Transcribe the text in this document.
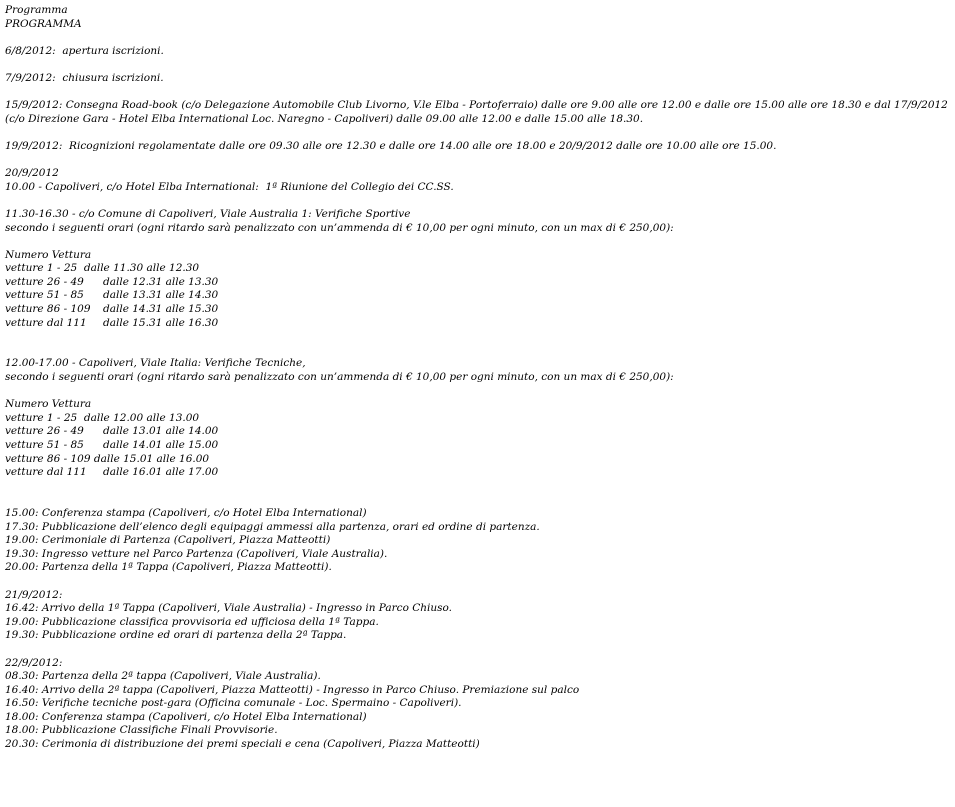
Programma
PROGRAMMA
6/8/2012:  apertura iscrizioni.
7/9/2012:  chiusura iscrizioni.
15/9/2012: Consegna Road-book (c/o Delegazione Automobile Club Livorno, V.le Elba - Portoferraio) dalle ore 9.00 alle ore 12.00 e dalle ore 15.00 alle ore 18.30 e dal 17/9/2012 (c/o Direzione Gara - Hotel Elba International Loc. Naregno - Capoliveri) dalle 09.00 alle 12.00 e dalle 15.00 alle 18.30.
19/9/2012:  Ricognizioni regolamentate dalle ore 09.30 alle ore 12.30 e dalle ore 14.00 alle ore 18.00 e 20/9/2012 dalle ore 10.00 alle ore 15.00.
20/9/2012
10.00 - Capoliveri, c/o Hotel Elba International:  1ª Riunione del Collegio dei CC.SS.
11.30-16.30 - c/o Comune di Capoliveri, Viale Australia 1: Verifiche Sportive
secondo i seguenti orari (ogni ritardo sarà penalizzato con un’ammenda di € 10,00 per ogni minuto, con un max di € 250,00):
Numero Vettura
vetture 1 - 25  dalle 11.30 alle 12.30
vetture 26 - 49	dalle 12.31 alle 13.30
vetture 51 - 85	dalle 13.31 alle 14.30
vetture 86 - 109	dalle 14.31 alle 15.30
vetture dal 111	dalle 15.31 alle 16.30
12.00-17.00 - Capoliveri, Viale Italia: Verifiche Tecniche,
secondo i seguenti orari (ogni ritardo sarà penalizzato con un’ammenda di € 10,00 per ogni minuto, con un max di € 250,00):
Numero Vettura
vetture 1 - 25  dalle 12.00 alle 13.00
vetture 26 - 49	dalle 13.01 alle 14.00
vetture 51 - 85	dalle 14.01 alle 15.00
vetture 86 - 109 dalle 15.01 alle 16.00
vetture dal 111	dalle 16.01 alle 17.00
15.00: Conferenza stampa (Capoliveri, c/o Hotel Elba International)
17.30: Pubblicazione dell’elenco degli equipaggi ammessi alla partenza, orari ed ordine di partenza.
19.00: Cerimoniale di Partenza (Capoliveri, Piazza Matteotti)
19.30: Ingresso vetture nel Parco Partenza (Capoliveri, Viale Australia).
20.00: Partenza della 1ª Tappa (Capoliveri, Piazza Matteotti).
21/9/2012:
16.42: Arrivo della 1ª Tappa (Capoliveri, Viale Australia) - Ingresso in Parco Chiuso.
19.00: Pubblicazione classifica provvisoria ed ufficiosa della 1ª Tappa.
19.30: Pubblicazione ordine ed orari di partenza della 2ª Tappa.
22/9/2012:
08.30: Partenza della 2ª tappa (Capoliveri, Viale Australia).
16.40: Arrivo della 2ª tappa (Capoliveri, Piazza Matteotti) - Ingresso in Parco Chiuso. Premiazione sul palco
16.50: Verifiche tecniche post-gara (Officina comunale - Loc. Spermaino - Capoliveri).
18.00: Conferenza stampa (Capoliveri, c/o Hotel Elba International)
18.00: Pubblicazione Classifiche Finali Provvisorie.
20.30: Cerimonia di distribuzione dei premi speciali e cena (Capoliveri, Piazza Matteotti)
